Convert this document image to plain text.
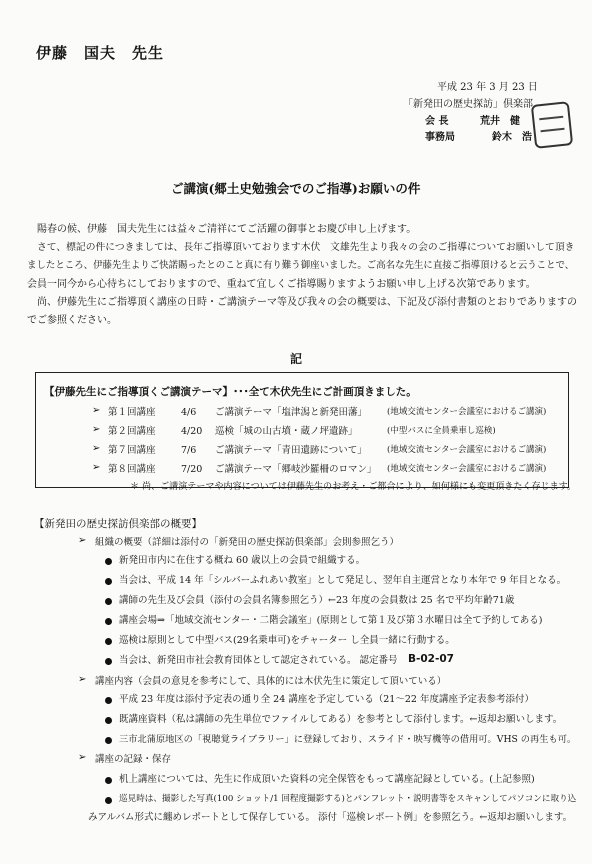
伊藤　国夫　先生
平成 23 年 3 月 23 日
「新発田の歴史探訪」倶楽部
会 長	荒井　健
事務局	鈴木　浩
ご講演(郷土史勉強会でのご指導)お願いの件
陽春の候、伊藤　国夫先生には益々ご清祥にてご活躍の御事とお慶び申し上げます。
さて、標記の件につきましては、長年ご指導頂いております木伏　文雄先生より我々の会のご指導についてお願いして頂き
ましたところ、伊藤先生よりご快諾賜ったとのこと真に有り難う御座いました。ご高名な先生に直接ご指導頂けると云うことで、
会員一同今から心待ちにしておりますので、重ねて宜しくご指導賜りますようお願い申し上げる次第であります。
尚、伊藤先生にご指導頂く講座の日時・ご講演テーマ等及び我々の会の概要は、下記及び添付書類のとおりでありますの
でご参照ください。
記
【伊藤先生にご指導頂くご講演テーマ】･･･全て木伏先生にご計画頂きました。
➢ 第１回講座	4/6 ご講演テーマ「塩津潟と新発田藩」 (地域交流センター会議室におけるご講演)
➢ 第２回講座	4/20 巡検「城の山古墳・蔵ノ坪遺跡」	(中型バスに全員乗車し巡検)
➢ 第７回講座	7/6 ご講演テーマ「青田遺跡について」 (地域交流センター会議室におけるご講演)
➢ 第８回講座	7/20 ご講演テーマ「郷岐沙羅柵のロマン」 (地域交流センター会議室におけるご講演)
＊ 尚、ご講演テーマや内容については伊藤先生のお考え・ご都合により、如何様にも変更頂きたく存じます。
【新発田の歴史探訪倶楽部の概要】
➢ 組織の概要（詳細は添付の「新発田の歴史探訪倶楽部」会則参照乞う）
新発田市内に在住する概ね 60 歳以上の会員で組織する。
当会は、平成 14 年「シルバーふれあい教室」として発足し、翌年自主運営となり本年で 9 年目となる。
講師の先生及び会員（添付の会員名簿参照乞う）←23 年度の会員数は 25 名で平均年齢71歳
講座会場⇒「地域交流センター・二階会議室」(原則として第１及び第３水曜日は全て予約してある)
巡検は原則として中型バス(29名乗車可)をチャーター し全員一緒に行動する。
当会は、新発田市社会教育団体として認定されている。 認定番号 B-02-07
➢ 講座内容（会員の意見を参考にして、具体的には木伏先生に策定して頂いている）
平成 23 年度は添付予定表の通り全 24 講座を予定している（21～22 年度講座予定表参考添付）
既講座資料（私は講師の先生単位でファイルしてある）を参考として添付します。←返却お願いします。
三市北蒲原地区の「視聴覚ライブラリー」に登録しており、スライド・映写機等の借用可。VHS の再生も可。
➢ 講座の記録・保存
机上講座については、先生に作成頂いた資料の完全保管をもって講座記録としている。(上記参照)
巡見時は、撮影した写真(100 ショット/1 回程度撮影する)とパンフレット・説明書等をスキャンしてパソコンに取り込
みアルバム形式に纏めレポートとして保存している。 添付「巡検レポート例」を参照乞う。←返却お願いします。
